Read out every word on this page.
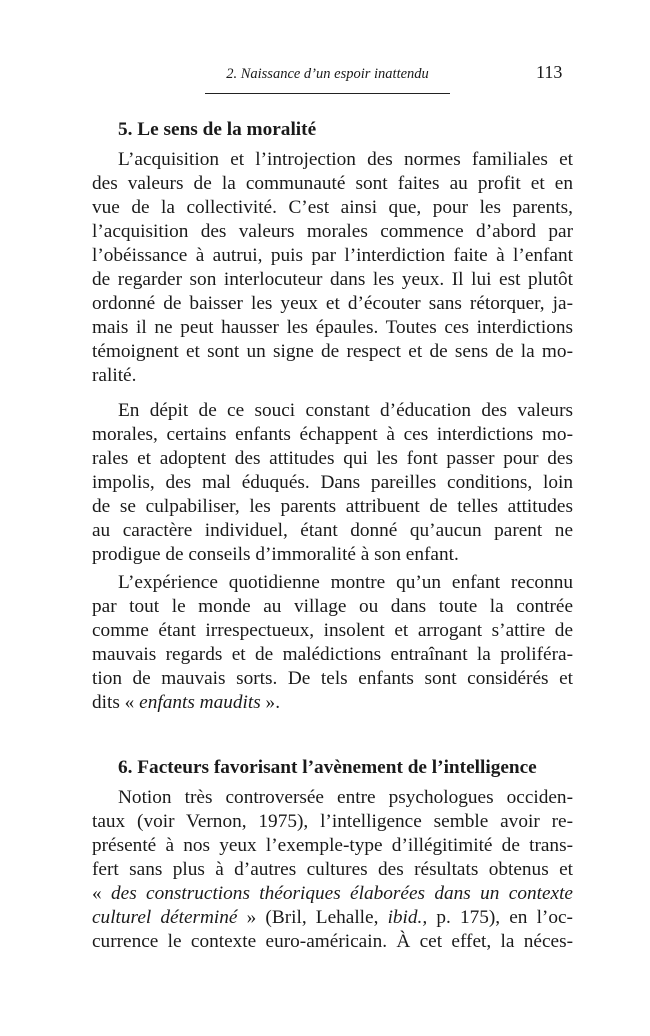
2. Naissance d’un espoir inattendu	113
5. Le sens de la moralité
L’acquisition et l’introjection des normes familiales et
des valeurs de la communauté sont faites au profit et en
vue de la collectivité. C’est ainsi que, pour les parents,
l’acquisition des valeurs morales commence d’abord par
l’obéissance à autrui, puis par l’interdiction faite à l’enfant
de regarder son interlocuteur dans les yeux. Il lui est plutôt
ordonné de baisser les yeux et d’écouter sans rétorquer, ja-
mais il ne peut hausser les épaules. Toutes ces interdictions
témoignent et sont un signe de respect et de sens de la mo-
ralité.
En dépit de ce souci constant d’éducation des valeurs
morales, certains enfants échappent à ces interdictions mo-
rales et adoptent des attitudes qui les font passer pour des
impolis, des mal éduqués. Dans pareilles conditions, loin
de se culpabiliser, les parents attribuent de telles attitudes
au caractère individuel, étant donné qu’aucun parent ne
prodigue de conseils d’immoralité à son enfant.
L’expérience quotidienne montre qu’un enfant reconnu
par tout le monde au village ou dans toute la contrée
comme étant irrespectueux, insolent et arrogant s’attire de
mauvais regards et de malédictions entraînant la proliféra-
tion de mauvais sorts. De tels enfants sont considérés et
dits « enfants maudits ».
6. Facteurs favorisant l’avènement de l’intelligence
Notion très controversée entre psychologues occiden-
taux (voir Vernon, 1975), l’intelligence semble avoir re-
présenté à nos yeux l’exemple-type d’illégitimité de trans-
fert sans plus à d’autres cultures des résultats obtenus et
« des constructions théoriques élaborées dans un contexte
culturel déterminé » (Bril, Lehalle, ibid., p. 175), en l’oc-
currence le contexte euro-américain. À cet effet, la néces-
